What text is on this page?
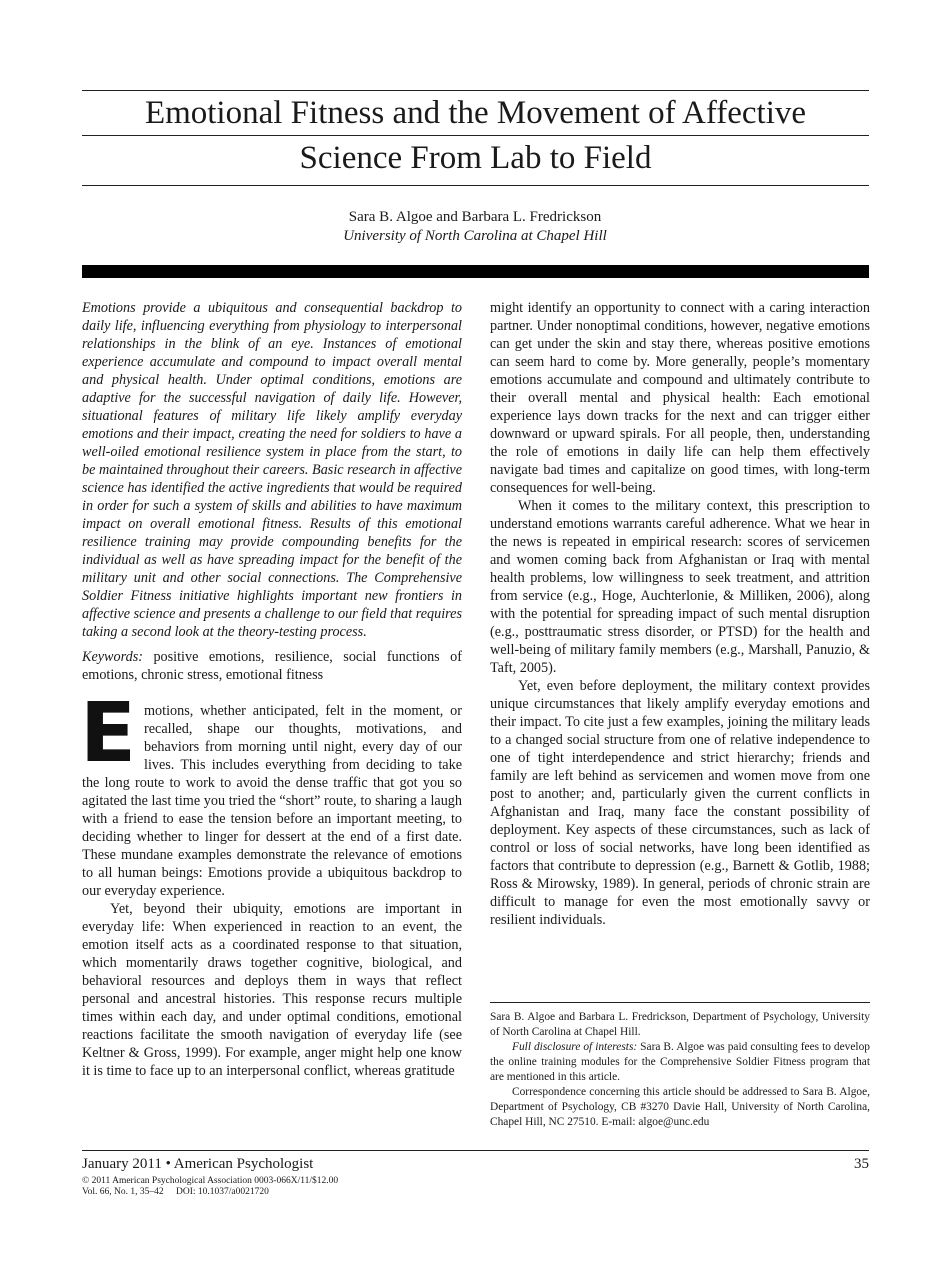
Emotional Fitness and the Movement of Affective
Science From Lab to Field
Sara B. Algoe and Barbara L. Fredrickson
University of North Carolina at Chapel Hill

Emotions provide a ubiquitous and consequential backdrop to daily life, influencing everything from physiology to interpersonal relationships in the blink of an eye. Instances of emotional experience accumulate and compound to impact overall mental and physical health. Under optimal conditions, emotions are adaptive for the successful navigation of daily life. However, situational features of military life likely amplify everyday emotions and their impact, creating the need for soldiers to have a well-oiled emotional resilience system in place from the start, to be maintained throughout their careers. Basic research in affective science has identified the active ingredients that would be required in order for such a system of skills and abilities to have maximum impact on overall emotional fitness. Results of this emotional resilience training may provide compounding benefits for the individual as well as have spreading impact for the benefit of the military unit and other social connections. The Comprehensive Soldier Fitness initiative highlights important new frontiers in affective science and presents a challenge to our field that requires taking a second look at the theory-testing process.

Keywords: positive emotions, resilience, social functions of emotions, chronic stress, emotional fitness

Emotions, whether anticipated, felt in the moment, or recalled, shape our thoughts, motivations, and behaviors from morning until night, every day of our lives. This includes everything from deciding to take the long route to work to avoid the dense traffic that got you so agitated the last time you tried the “short” route, to sharing a laugh with a friend to ease the tension before an important meeting, to deciding whether to linger for dessert at the end of a first date. These mundane examples demonstrate the relevance of emotions to all human beings: Emotions provide a ubiquitous backdrop to our everyday experience.

Yet, beyond their ubiquity, emotions are important in everyday life: When experienced in reaction to an event, the emotion itself acts as a coordinated response to that situation, which momentarily draws together cognitive, biological, and behavioral resources and deploys them in ways that reflect personal and ancestral histories. This response recurs multiple times within each day, and under optimal conditions, emotional reactions facilitate the smooth navigation of everyday life (see Keltner & Gross, 1999). For example, anger might help one know it is time to face up to an interpersonal conflict, whereas gratitude

might identify an opportunity to connect with a caring interaction partner. Under nonoptimal conditions, however, negative emotions can get under the skin and stay there, whereas positive emotions can seem hard to come by. More generally, people’s momentary emotions accumulate and compound and ultimately contribute to their overall mental and physical health: Each emotional experience lays down tracks for the next and can trigger either downward or upward spirals. For all people, then, understanding the role of emotions in daily life can help them effectively navigate bad times and capitalize on good times, with long-term consequences for well-being.

When it comes to the military context, this prescription to understand emotions warrants careful adherence. What we hear in the news is repeated in empirical research: scores of servicemen and women coming back from Afghanistan or Iraq with mental health problems, low willingness to seek treatment, and attrition from service (e.g., Hoge, Auchterlonie, & Milliken, 2006), along with the potential for spreading impact of such mental disruption (e.g., posttraumatic stress disorder, or PTSD) for the health and well-being of military family members (e.g., Marshall, Panuzio, & Taft, 2005).

Yet, even before deployment, the military context provides unique circumstances that likely amplify everyday emotions and their impact. To cite just a few examples, joining the military leads to a changed social structure from one of relative independence to one of tight interdependence and strict hierarchy; friends and family are left behind as servicemen and women move from one post to another; and, particularly given the current conflicts in Afghanistan and Iraq, many face the constant possibility of deployment. Key aspects of these circumstances, such as lack of control or loss of social networks, have long been identified as factors that contribute to depression (e.g., Barnett & Gotlib, 1988; Ross & Mirowsky, 1989). In general, periods of chronic strain are difficult to manage for even the most emotionally savvy or resilient individuals.

Sara B. Algoe and Barbara L. Fredrickson, Department of Psychology, University of North Carolina at Chapel Hill.

Full disclosure of interests: Sara B. Algoe was paid consulting fees to develop the online training modules for the Comprehensive Soldier Fitness program that are mentioned in this article.

Correspondence concerning this article should be addressed to Sara B. Algoe, Department of Psychology, CB #3270 Davie Hall, University of North Carolina, Chapel Hill, NC 27510. E-mail: algoe@unc.edu

January 2011 • American Psychologist	35
© 2011 American Psychological Association 0003-066X/11/$12.00
Vol. 66, No. 1, 35–42 DOI: 10.1037/a0021720
